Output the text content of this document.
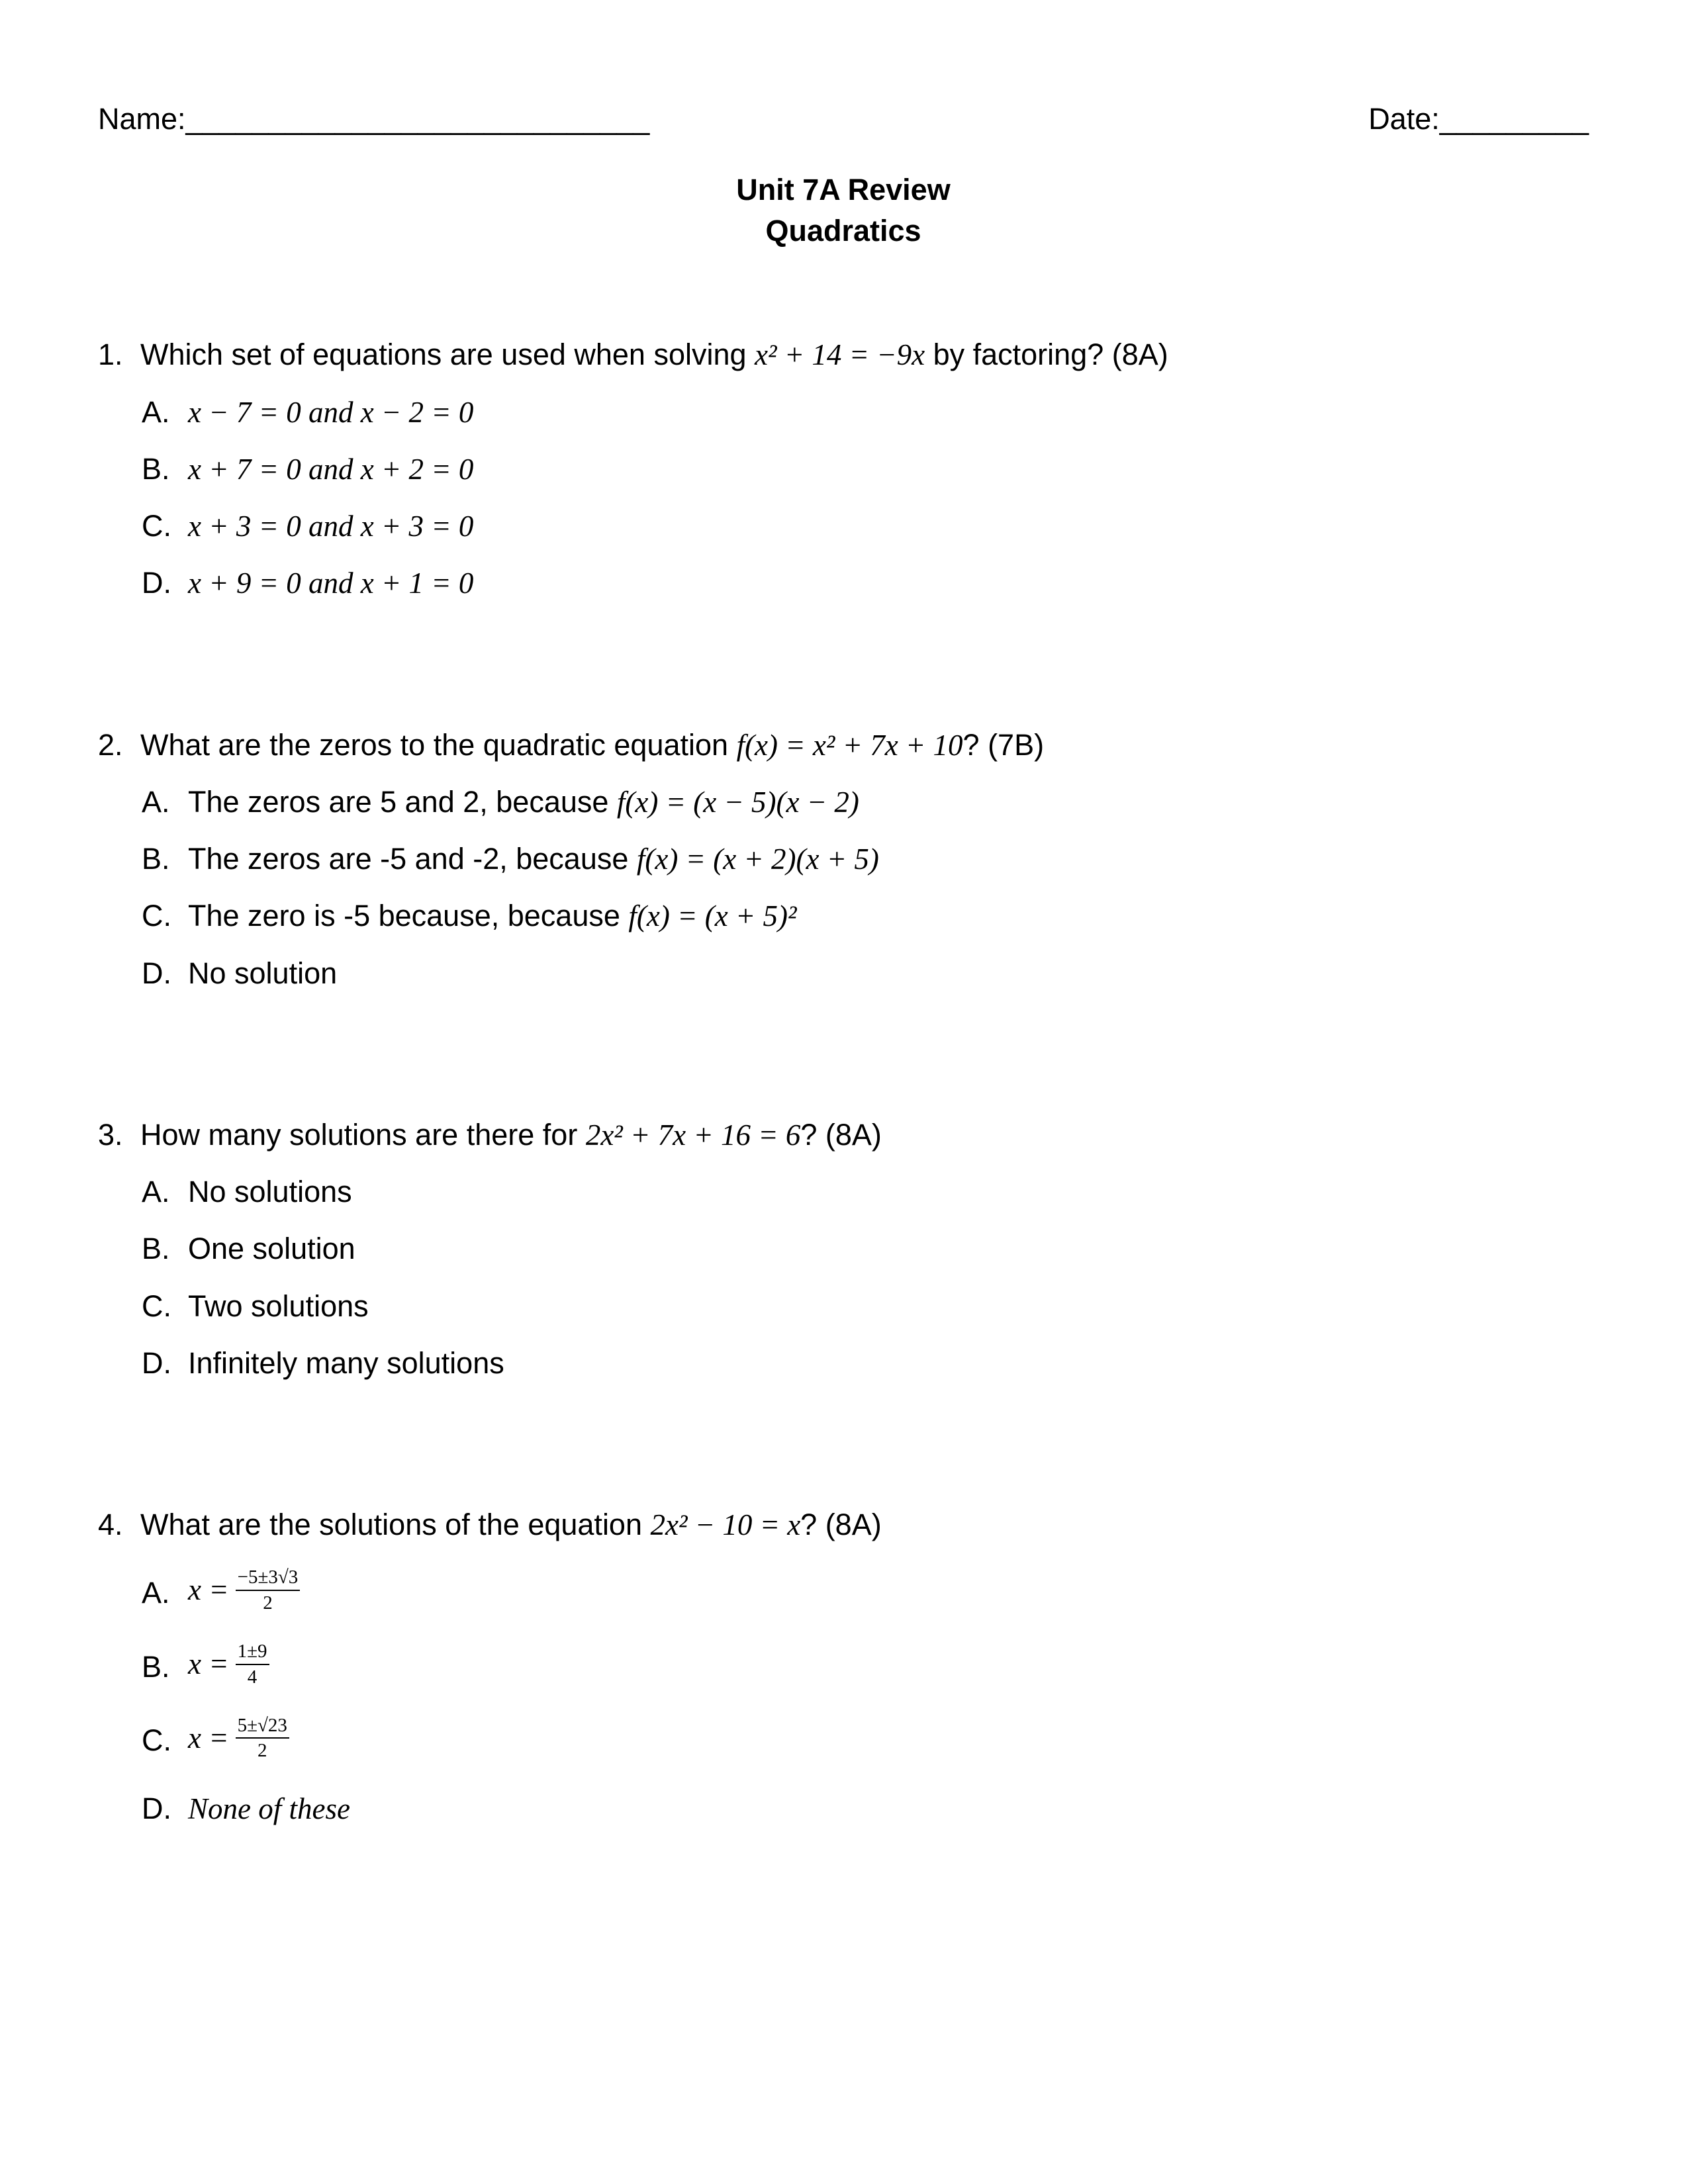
Name:____________________________	Date:_________
Unit 7A Review
Quadratics
1. Which set of equations are used when solving x² + 14 = −9x by factoring? (8A)

A. x − 7 = 0 and x − 2 = 0
B. x + 7 = 0 and x + 2 = 0
C. x + 3 = 0 and x + 3 = 0
D. x + 9 = 0 and x + 1 = 0
2. What are the zeros to the quadratic equation f(x) = x² + 7x + 10? (7B)

A. The zeros are 5 and 2, because f(x) = (x − 5)(x − 2)
B. The zeros are -5 and -2, because f(x) = (x + 2)(x + 5)
C. The zero is -5 because, because f(x) = (x + 5)²
D. No solution
3. How many solutions are there for 2x² + 7x + 16 = 6? (8A)

A. No solutions
B. One solution
C. Two solutions
D. Infinitely many solutions
4. What are the solutions of the equation 2x² − 10 = x? (8A)

A. $x = \frac{-5\pm 3√3}{2}$
B. $x = \frac{1\pm 9}{4}$
C. $x = \frac{5\pm√23}{2}$
D. None of these
